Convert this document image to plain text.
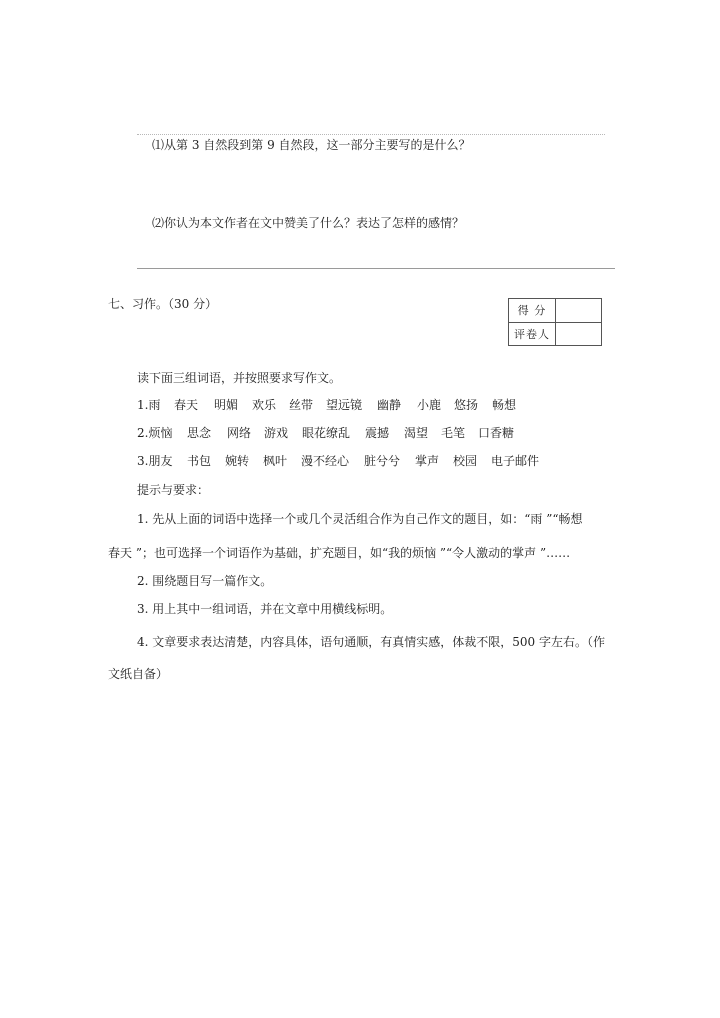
⑴从第 3 自然段到第 9 自然段，这一部分主要写的是什么？
⑵你认为本文作者在文中赞美了什么？表达了怎样的感情？
七、习作。（30 分）	得 分	
评卷人	
读下面三组词语，并按照要求写作文。
1.雨 春天 明媚 欢乐 丝带 望远镜 幽静 小鹿 悠扬 畅想
2.烦恼 思念 网络 游戏 眼花缭乱 震撼 渴望 毛笔 口香糖
3.朋友 书包 婉转 枫叶 漫不经心 脏兮兮 掌声 校园 电子邮件
提示与要求：
1. 先从上面的词语中选择一个或几个灵活组合作为自己作文的题目，如：“雨 ”“畅想
春天 ”；也可选择一个词语作为基础，扩充题目，如“我的烦恼 ”“令人激动的掌声 ”……
2. 围绕题目写一篇作文。
3. 用上其中一组词语，并在文章中用横线标明。
4. 文章要求表达清楚，内容具体，语句通顺，有真情实感，体裁不限，500 字左右。（作
文纸自备）
